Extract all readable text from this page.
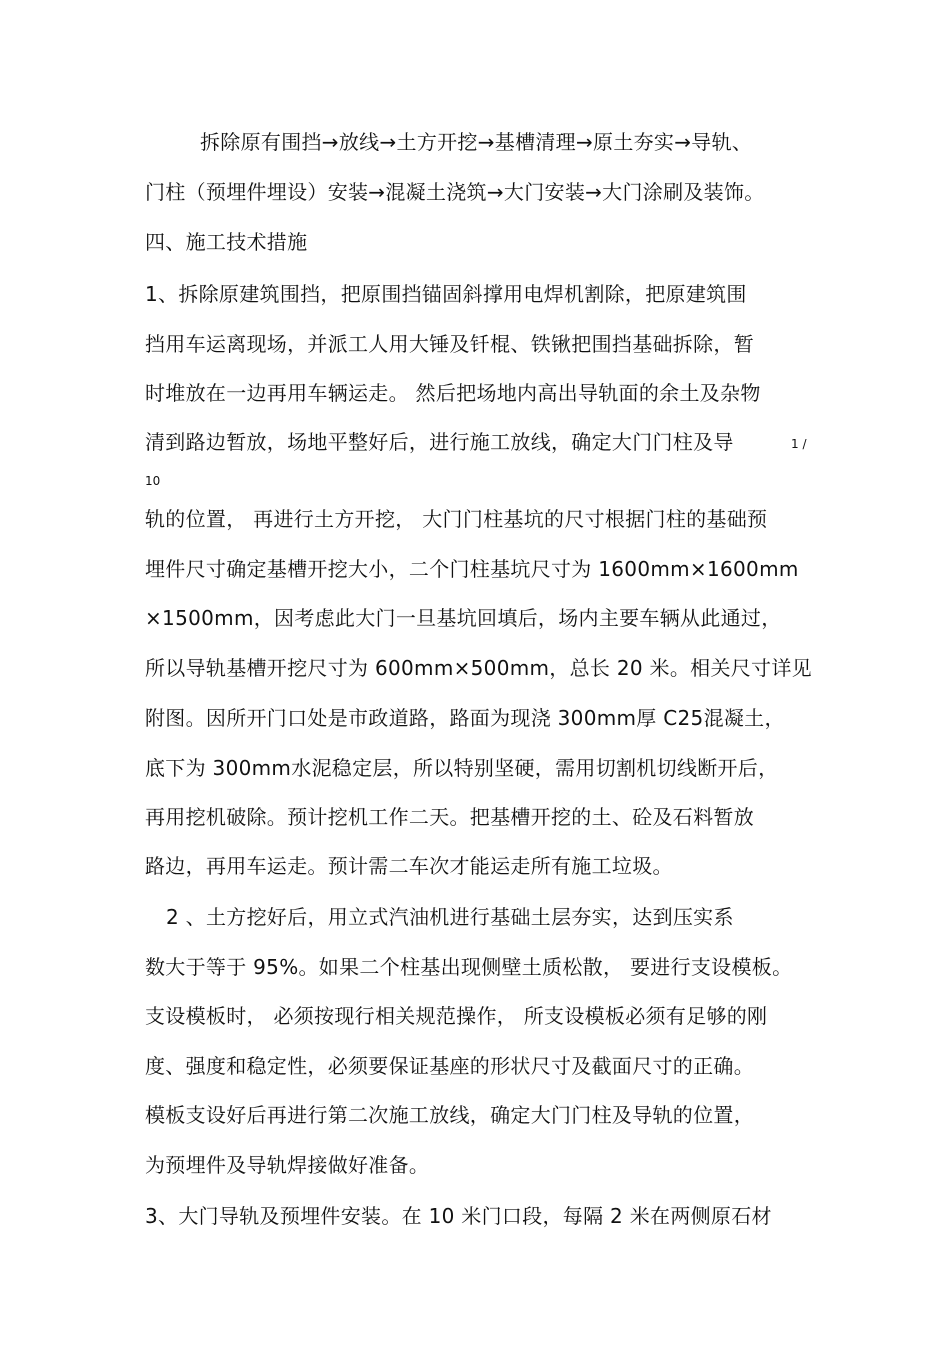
拆除原有围挡→放线→土方开挖→基槽清理→原土夯实→导轨、
门柱（预埋件埋设）安装→混凝土浇筑→大门安装→大门涂刷及装饰。
四、施工技术措施
1、拆除原建筑围挡，把原围挡锚固斜撑用电焊机割除，把原建筑围
挡用车运离现场，并派工人用大锤及钎棍、铁锹把围挡基础拆除，暂
时堆放在一边再用车辆运走。 然后把场地内高出导轨面的余土及杂物
清到路边暂放，场地平整好后，进行施工放线，确定大门门柱及导	1 /
10
轨的位置， 再进行土方开挖， 大门门柱基坑的尺寸根据门柱的基础预
埋件尺寸确定基槽开挖大小，二个门柱基坑尺寸为 1600mm×1600mm
×1500mm，因考虑此大门一旦基坑回填后，场内主要车辆从此通过，
所以导轨基槽开挖尺寸为 600mm×500mm，总长 20 米。相关尺寸详见
附图。因所开门口处是市政道路，路面为现浇 300mm厚 C25混凝土，
底下为 300mm水泥稳定层，所以特别坚硬，需用切割机切线断开后，
再用挖机破除。预计挖机工作二天。把基槽开挖的土、砼及石料暂放
路边，再用车运走。预计需二车次才能运走所有施工垃圾。
2 、土方挖好后，用立式汽油机进行基础土层夯实，达到压实系
数大于等于 95%。如果二个柱基出现侧壁土质松散， 要进行支设模板。
支设模板时， 必须按现行相关规范操作， 所支设模板必须有足够的刚
度、强度和稳定性，必须要保证基座的形状尺寸及截面尺寸的正确。
模板支设好后再进行第二次施工放线，确定大门门柱及导轨的位置，
为预埋件及导轨焊接做好准备。
3、大门导轨及预埋件安装。在 10 米门口段，每隔 2 米在两侧原石材
